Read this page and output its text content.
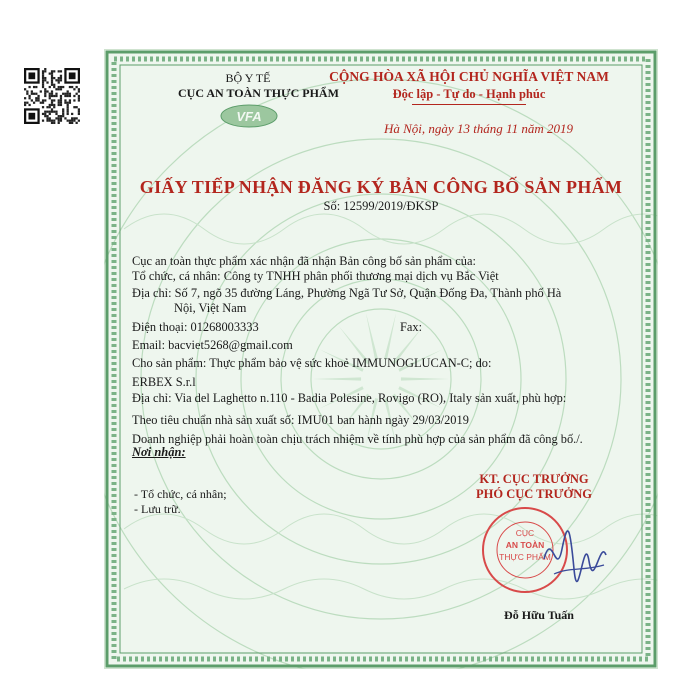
BỘ Y TẾ
CỤC AN TOÀN THỰC PHẨM
VFA
CỘNG HÒA XÃ HỘI CHỦ NGHĨA VIỆT NAM
Độc lập - Tự do - Hạnh phúc
Hà Nội, ngày 13 tháng 11 năm 2019
GIẤY TIẾP NHẬN ĐĂNG KÝ BẢN CÔNG BỐ SẢN PHẨM
Số: 12599/2019/ĐKSP
Cục an toàn thực phẩm xác nhận đã nhận Bản công bố sản phẩm của:
Tổ chức, cá nhân: Công ty TNHH phân phối thương mại dịch vụ Bắc Việt
Địa chỉ: Số 7, ngõ 35 đường Láng, Phường Ngã Tư Sở, Quận Đống Đa, Thành phố Hà
Nội, Việt Nam
Điện thoại: 01268003333	Fax:
Email: bacviet5268@gmail.com
Cho sản phẩm: Thực phẩm bảo vệ sức khoẻ IMMUNOGLUCAN-C; do:
ERBEX S.r.l
Địa chỉ: Via del Laghetto n.110 - Badia Polesine, Rovigo (RO), Italy sản xuất, phù hợp:
Theo tiêu chuẩn nhà sản xuất số: IMU01 ban hành ngày 29/03/2019
Doanh nghiệp phải hoàn toàn chịu trách nhiệm về tính phù hợp của sản phẩm đã công bố./.
Nơi nhận:
- Tổ chức, cá nhân;
- Lưu trữ.
KT. CỤC TRƯỞNG
PHÓ CỤC TRƯỞNG
CỤC
AN TOÀN
THỰC PHẨM
Đỗ Hữu Tuấn
